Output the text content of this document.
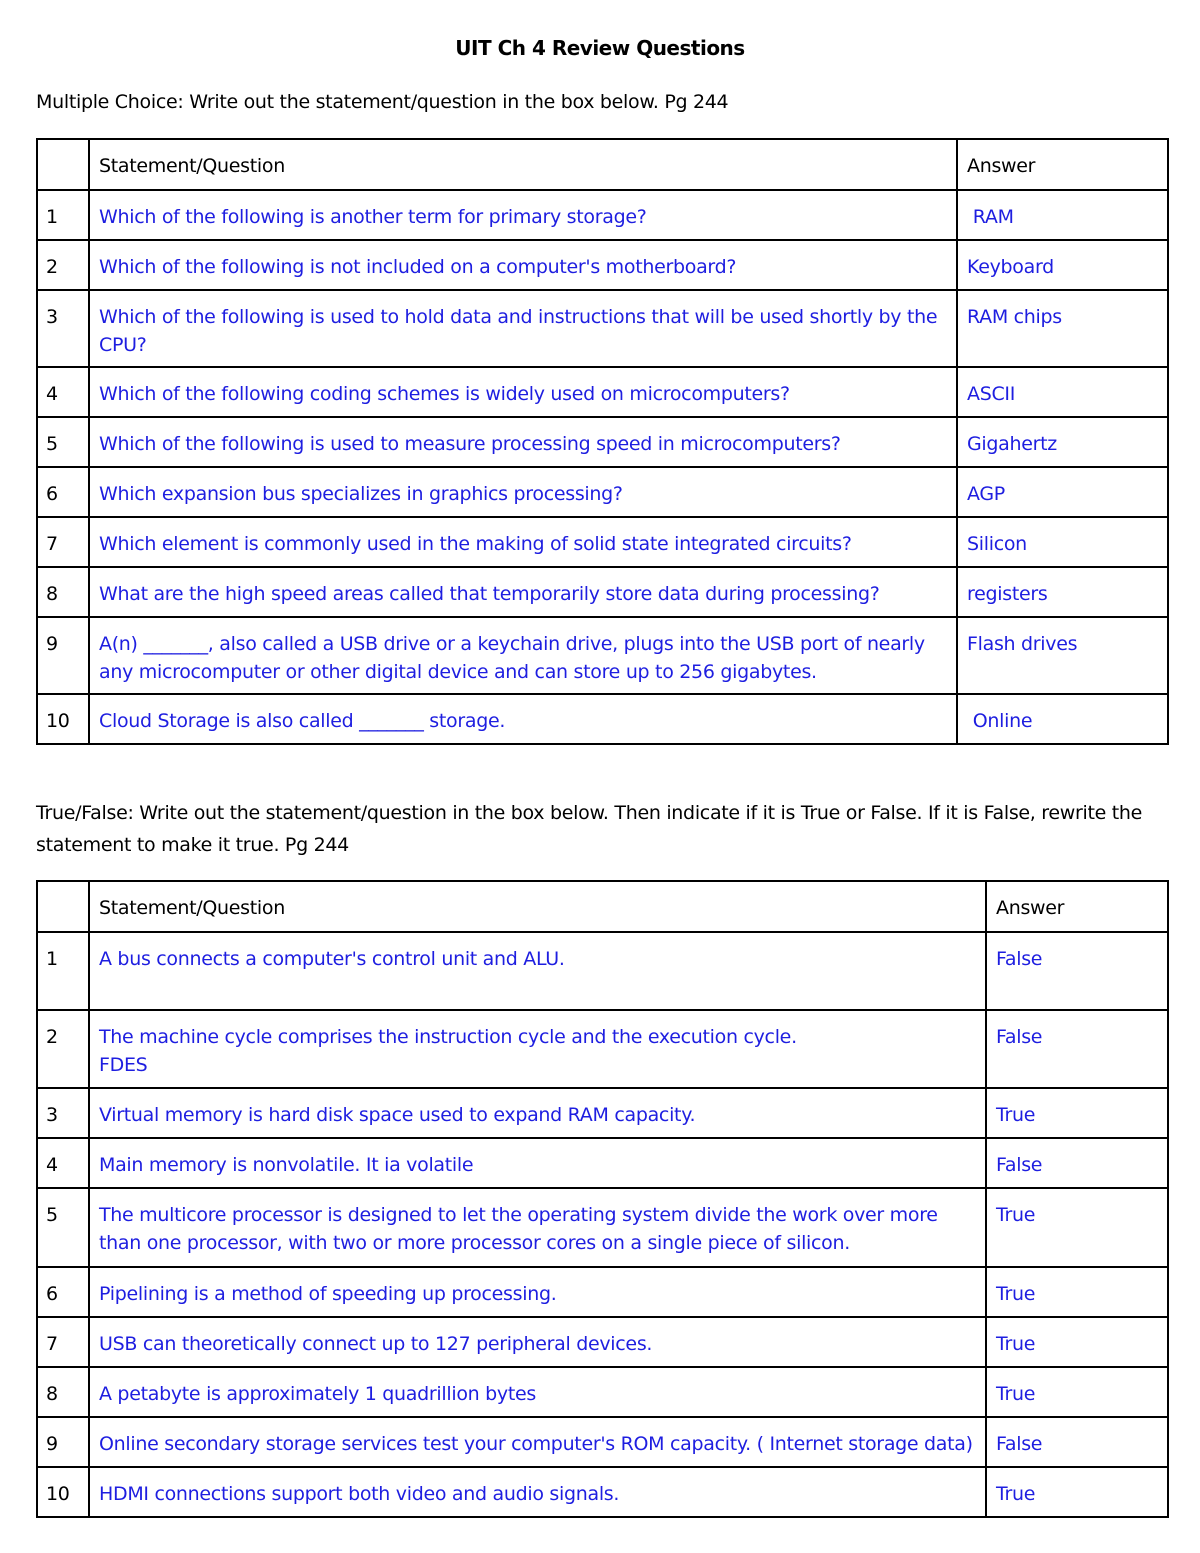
UIT Ch 4 Review Questions
Multiple Choice: Write out the statement/question in the box below. Pg 244
	Statement/Question	Answer
1	Which of the following is another term for primary storage?	RAM
2	Which of the following is not included on a computer's motherboard?	Keyboard
3	Which of the following is used to hold data and instructions that will be used shortly by the CPU?	RAM chips
4	Which of the following coding schemes is widely used on microcomputers?	ASCII
5	Which of the following is used to measure processing speed in microcomputers?	Gigahertz
6	Which expansion bus specializes in graphics processing?	AGP
7	Which element is commonly used in the making of solid state integrated circuits?	Silicon
8	What are the high speed areas called that temporarily store data during processing?	registers
9	A(n) _______, also called a USB drive or a keychain drive, plugs into the USB port of nearly any microcomputer or other digital device and can store up to 256 gigabytes.	Flash drives
10	Cloud Storage is also called _______ storage.	Online
True/False: Write out the statement/question in the box below. Then indicate if it is True or False. If it is False, rewrite the statement to make it true. Pg 244
	Statement/Question	Answer
1	A bus connects a computer's control unit and ALU.	False
2	The machine cycle comprises the instruction cycle and the execution cycle.
FDES	False
3	Virtual memory is hard disk space used to expand RAM capacity.	True
4	Main memory is nonvolatile. It ia volatile	False
5	The multicore processor is designed to let the operating system divide the work over more than one processor, with two or more processor cores on a single piece of silicon.	True
6	Pipelining is a method of speeding up processing.	True
7	USB can theoretically connect up to 127 peripheral devices.	True
8	A petabyte is approximately 1 quadrillion bytes	True
9	Online secondary storage services test your computer's ROM capacity. ( Internet storage data)	False
10	HDMI connections support both video and audio signals.	True
